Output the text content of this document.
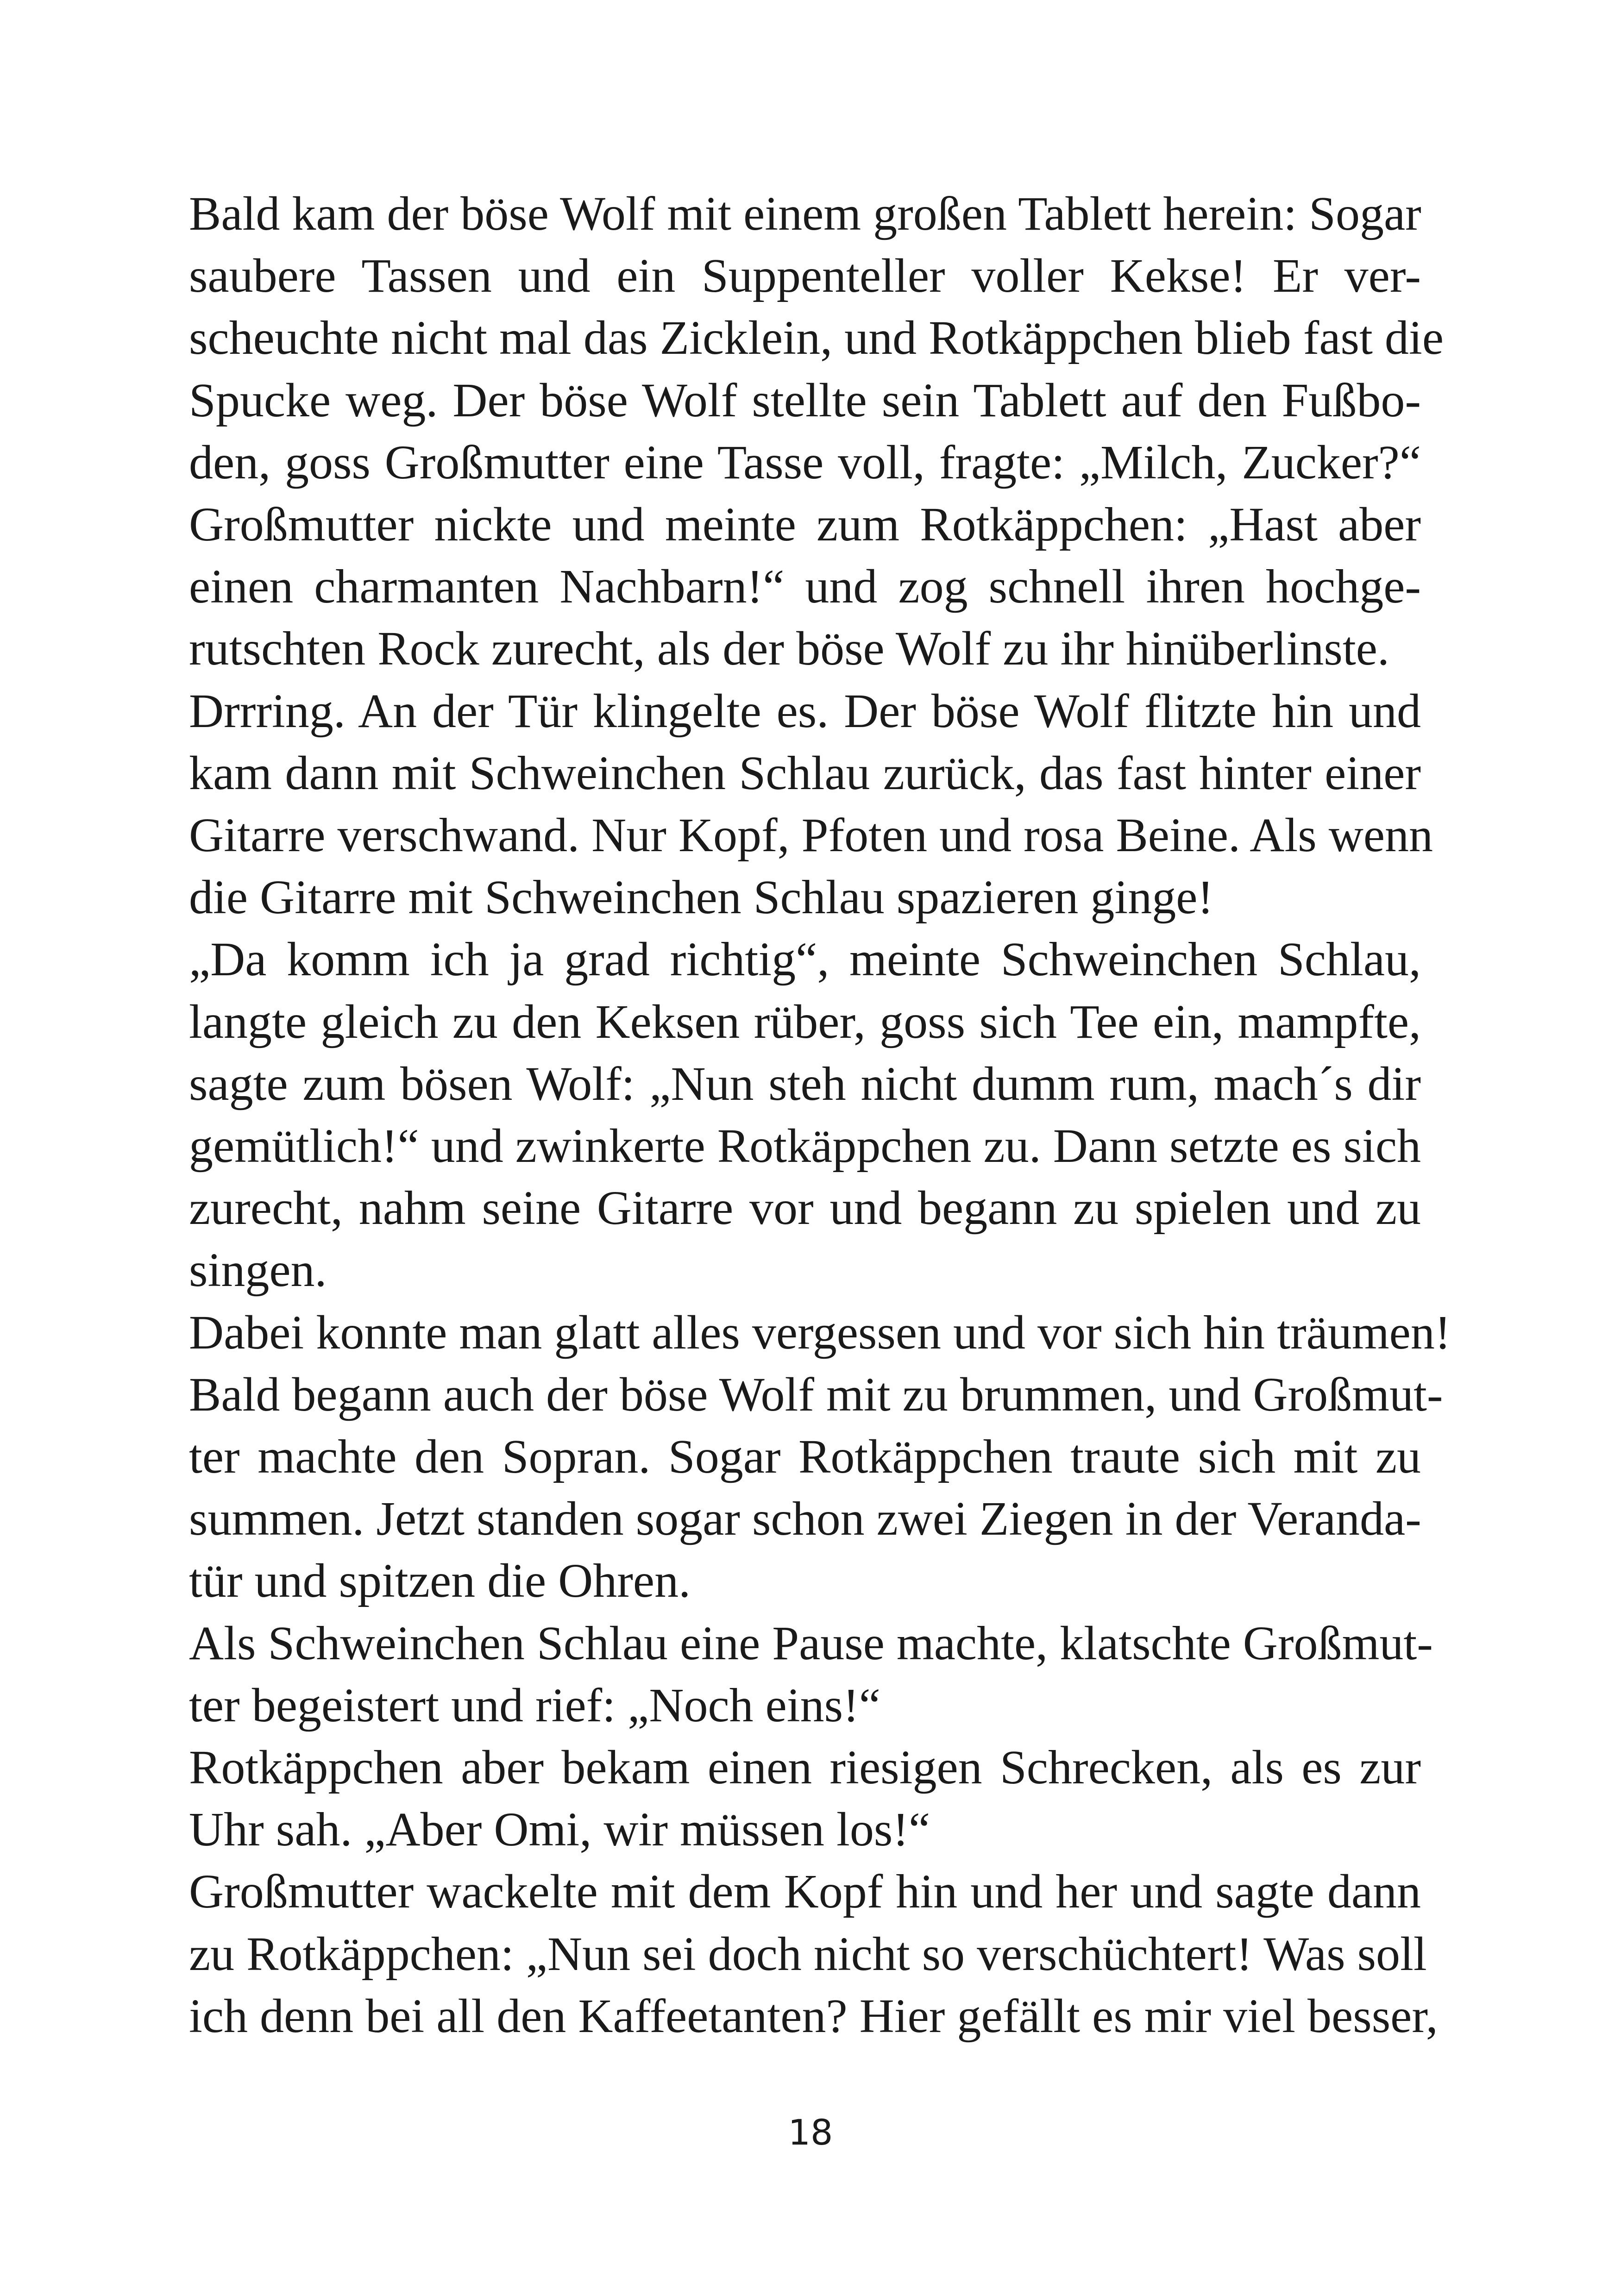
Bald kam der böse Wolf mit einem großen Tablett herein: Sogar
saubere Tassen und ein Suppenteller voller Kekse! Er ver-
scheuchte nicht mal das Zicklein, und Rotkäppchen blieb fast die
Spucke weg. Der böse Wolf stellte sein Tablett auf den Fußbo-
den, goss Großmutter eine Tasse voll, fragte: „Milch, Zucker?“
Großmutter nickte und meinte zum Rotkäppchen: „Hast aber
einen charmanten Nachbarn!“ und zog schnell ihren hochge-
rutschten Rock zurecht, als der böse Wolf zu ihr hinüberlinste.
Drrring. An der Tür klingelte es. Der böse Wolf flitzte hin und
kam dann mit Schweinchen Schlau zurück, das fast hinter einer
Gitarre verschwand. Nur Kopf, Pfoten und rosa Beine. Als wenn
die Gitarre mit Schweinchen Schlau spazieren ginge!
„Da komm ich ja grad richtig“, meinte Schweinchen Schlau,
langte gleich zu den Keksen rüber, goss sich Tee ein, mampfte,
sagte zum bösen Wolf: „Nun steh nicht dumm rum, mach´s dir
gemütlich!“ und zwinkerte Rotkäppchen zu. Dann setzte es sich
zurecht, nahm seine Gitarre vor und begann zu spielen und zu
singen.
Dabei konnte man glatt alles vergessen und vor sich hin träumen!
Bald begann auch der böse Wolf mit zu brummen, und Großmut-
ter machte den Sopran. Sogar Rotkäppchen traute sich mit zu
summen. Jetzt standen sogar schon zwei Ziegen in der Veranda-
tür und spitzen die Ohren.
Als Schweinchen Schlau eine Pause machte, klatschte Großmut-
ter begeistert und rief: „Noch eins!“
Rotkäppchen aber bekam einen riesigen Schrecken, als es zur
Uhr sah. „Aber Omi, wir müssen los!“
Großmutter wackelte mit dem Kopf hin und her und sagte dann
zu Rotkäppchen: „Nun sei doch nicht so verschüchtert! Was soll
ich denn bei all den Kaffeetanten? Hier gefällt es mir viel besser,
18
